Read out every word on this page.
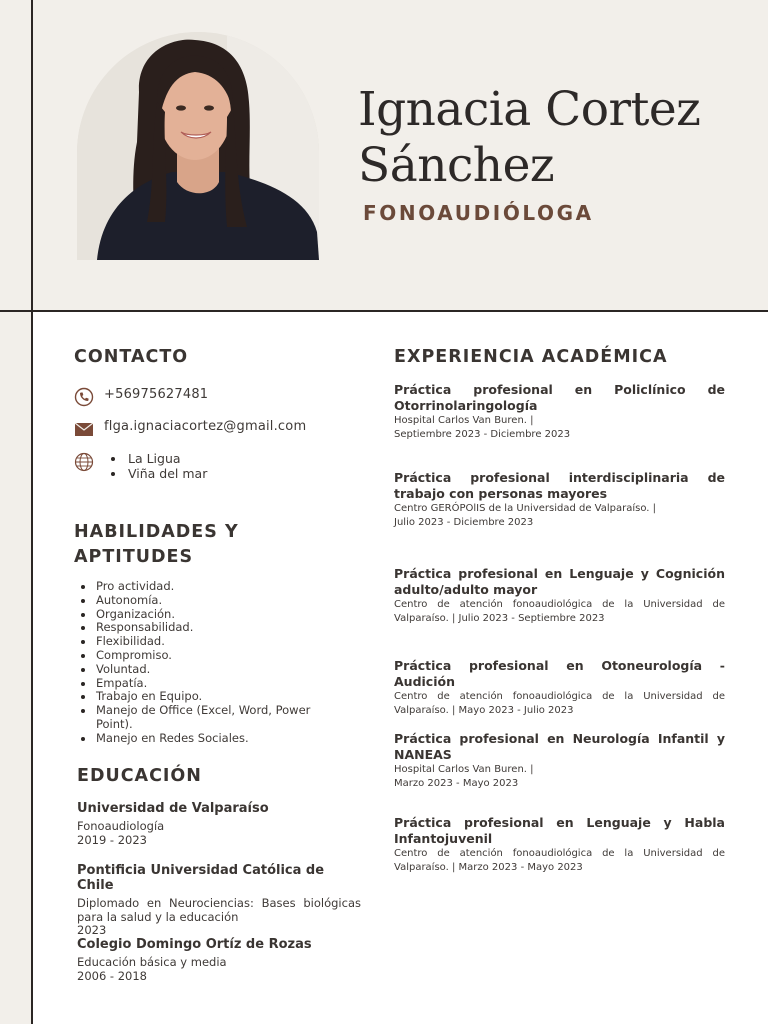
Ignacia Cortez
Sánchez
FONOAUDIÓLOGA
CONTACTO
+56975627481
flga.ignaciacortez@gmail.com
La Ligua
Viña del mar
HABILIDADES Y
APTITUDES
Pro actividad.
Autonomía.
Organización.
Responsabilidad.
Flexibilidad.
Compromiso.
Voluntad.
Empatía.
Trabajo en Equipo.
Manejo de Office (Excel, Word, Power Point).
Manejo en Redes Sociales.
EDUCACIÓN
Universidad de Valparaíso
Fonoaudiología
2019 - 2023
Pontificia Universidad Católica de Chile
Diplomado en Neurociencias: Bases biológicas para la salud y la educación
2023
Colegio Domingo Ortíz de Rozas
Educación básica y media
2006 - 2018
EXPERIENCIA ACADÉMICA
Práctica profesional en Policlínico de Otorrinolaringología
Hospital Carlos Van Buren. |
Septiembre 2023 - Diciembre 2023
Práctica profesional interdisciplinaria de trabajo con personas mayores
Centro GERÓPOlIS de la Universidad de Valparaíso. |
Julio 2023 - Diciembre 2023
Práctica profesional en Lenguaje y Cognición adulto/adulto mayor
Centro de atención fonoaudiológica de la Universidad de Valparaíso. | Julio 2023 - Septiembre 2023
Práctica profesional en Otoneurología - Audición
Centro de atención fonoaudiológica de la Universidad de Valparaíso. | Mayo 2023 - Julio 2023
Práctica profesional en Neurología Infantil y NANEAS
Hospital Carlos Van Buren. |
Marzo 2023 - Mayo 2023
Práctica profesional en Lenguaje y Habla Infantojuvenil
Centro de atención fonoaudiológica de la Universidad de Valparaíso. | Marzo 2023 - Mayo 2023
